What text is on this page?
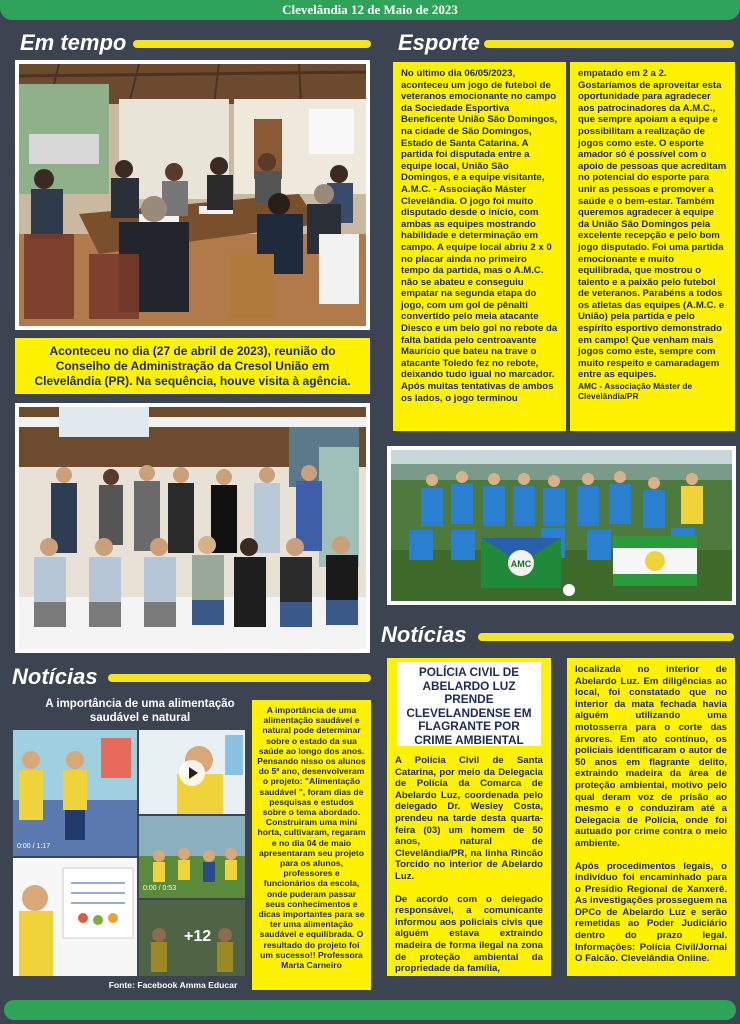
Clevelândia 12 de Maio de 2023
Em tempo
Aconteceu no dia (27 de abril de 2023), reunião do Conselho de Administração da Cresol União em Clevelândia (PR). Na sequência, houve visita à agência.
Esporte
No último dia 06/05/2023, aconteceu um jogo de futebol de veteranos emocionante no campo da Sociedade Esportiva Beneficente União São Domingos, na cidade de São Domingos, Estado de Santa Catarina. A partida foi disputada entre a equipe local, União São Domingos, e a equipe visitante, A.M.C. - Associação Máster Clevelândia. O jogo foi muito disputado desde o início, com ambas as equipes mostrando habilidade e determinação em campo. A equipe local abriu 2 x 0 no placar ainda no primeiro tempo da partida, mas o A.M.C. não se abateu e conseguiu empatar na segunda etapa do jogo, com um gol de pênalti convertido pelo meia atacante Diesco e um belo gol no rebote da falta batida pelo centroavante Maurício que bateu na trave o atacante Toledo fez no rebote, deixando tudo igual no marcador. Após muitas tentativas de ambos os lados, o jogo terminou
empatado em 2 a 2. Gostaríamos de aproveitar esta oportunidade para agradecer aos patrocinadores da A.M.C., que sempre apoiam a equipe e possibilitam a realização de jogos como este. O esporte amador só é possível com o apoio de pessoas que acreditam no potencial do esporte para unir as pessoas e promover a saúde e o bem-estar. Também queremos agradecer à equipe da União São Domingos pela excelente recepção e pelo bom jogo disputado. Foi uma partida emocionante e muito equilibrada, que mostrou o talento e a paixão pelo futebol de veteranos. Parabéns a todos os atletas das equipes (A.M.C. e União) pela partida e pelo espírito esportivo demonstrado em campo! Que venham mais jogos como este, sempre com muito respeito e camaradagem entre as equipes.
AMC - Associação Máster de Clevelândia/PR
AMC
Notícias
POLÍCIA CIVIL DE ABELARDO LUZ PRENDE CLEVELANDENSE EM FLAGRANTE POR CRIME AMBIENTAL
A Polícia Civil de Santa Catarina, por meio da Delegacia de Polícia da Comarca de Abelardo Luz, coordenada pelo delegado Dr. Wesley Costa, prendeu na tarde desta quarta-feira (03) um homem de 50 anos, natural de Clevelândia/PR, na linha Rincão Torcido no interior de Abelardo Luz.
De acordo com o delegado responsável, a comunicante informou aos policiais civis que alguém estava extraindo madeira de forma ilegal na zona de proteção ambiental da propriedade da família,
localizada no interior de Abelardo Luz. Em diligências ao local, foi constatado que no interior da mata fechada havia alguém utilizando uma motosserra para o corte das árvores. Em ato contínuo, os policiais identificaram o autor de 50 anos em flagrante delito, extraindo madeira da área de proteção ambiental, motivo pelo qual deram voz de prisão ao mesmo e o conduziram até a Delegacia de Polícia, onde foi autuado por crime contra o meio ambiente.
Após procedimentos legais, o indivíduo foi encaminhado para o Presídio Regional de Xanxerê. As investigações prosseguem na DPCo de Abelardo Luz e serão remetidas ao Poder Judiciário dentro do prazo legal. Informações: Polícia Civil/Jornal O Falcão. Clevelândia Online.
Notícias
A importância de uma alimentação saudável e natural
0:00 / 1:17
0:00 / 0:53
+12
A importância de uma alimentação saudável e natural pode determinar sobre o estado da sua saúde ao longo dos anos. Pensando nisso os alunos do 5º ano, desenvolveram o projeto: "Alimentação saudável ", foram dias de pesquisas e estudos sobre o tema abordado. Construiram uma mini horta, cultivaram, regaram e no dia 04 de maio apresentaram seu projeto para os alunos, professores e funcionários da escola, onde puderam passar seus conhecimentos e dicas importantes para se ter uma alimentação saudável e equilibrada. O resultado do projeto foi um sucesso!! Professora Marta Carneiro
Fonte: Facebook Amma Educar
